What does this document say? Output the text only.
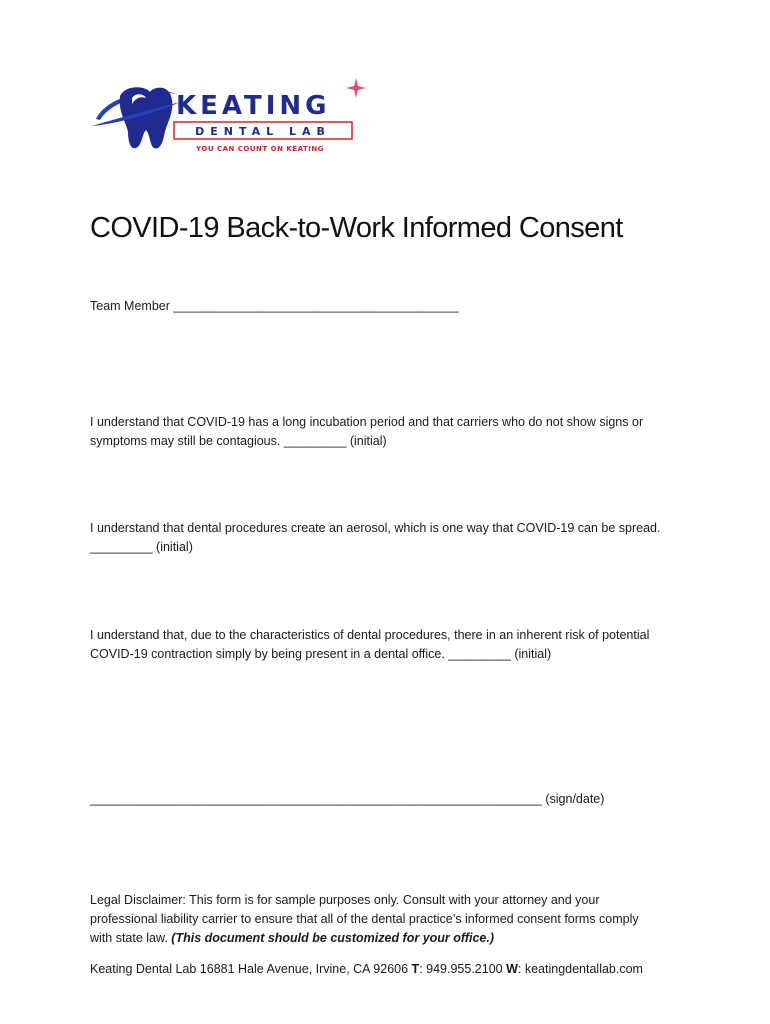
KEATING
DENTAL LAB
YOU CAN COUNT ON KEATING
COVID-19 Back-to-Work Informed Consent

Team Member _________________________________________

I understand that COVID-19 has a long incubation period and that carriers who do not show signs or
symptoms may still be contagious. _________ (initial)

I understand that dental procedures create an aerosol, which is one way that COVID-19 can be spread.
_________ (initial)

I understand that, due to the characteristics of dental procedures, there in an inherent risk of potential
COVID-19 contraction simply by being present in a dental office. _________ (initial)

_________________________________________________________________ (sign/date)

Legal Disclaimer: This form is for sample purposes only. Consult with your attorney and your
professional liability carrier to ensure that all of the dental practice’s informed consent forms comply
with state law. (This document should be customized for your office.)

Keating Dental Lab 16881 Hale Avenue, Irvine, CA 92606 T: 949.955.2100 W: keatingdentallab.com
